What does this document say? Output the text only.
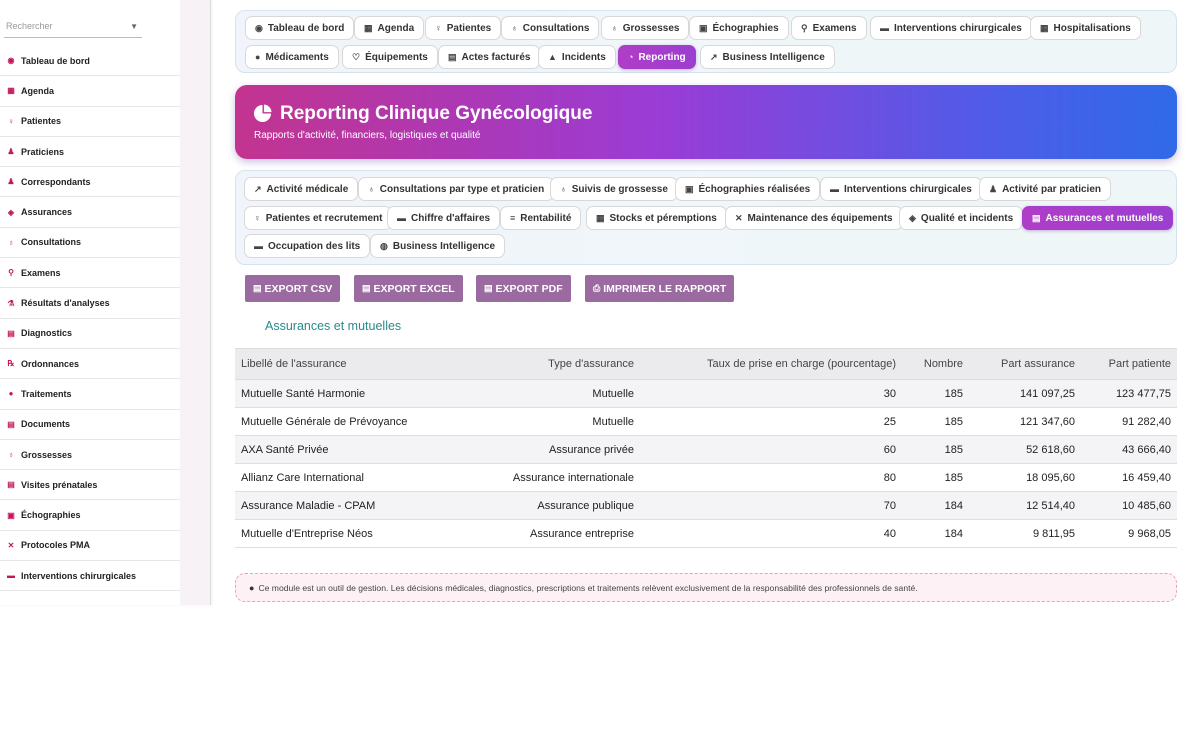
Rechercher
▼
◉ Tableau de bord
▦ Agenda
♀ Patientes
♟ Praticiens
♟ Correspondants
◈ Assurances
♁ Consultations
⚲ Examens
⚗ Résultats d'analyses
▤ Diagnostics
℞ Ordonnances
● Traitements
▤ Documents
♁ Grossesses
▤ Visites prénatales
▣ Échographies
✕ Protocoles PMA
▬ Interventions chirurgicales
◉ Tableau de bord ▦ Agenda ♀ Patientes ♁ Consultations ♁ Grossesses ▣ Échographies ⚲ Examens	▬ Interventions chirurgicales ▦ Hospitalisations
● Médicaments	♡ Équipements ▤ Actes facturés ▲ Incidents ◔ Reporting	↗ Business Intelligence
Reporting Clinique Gynécologique
Rapports d'activité, financiers, logistiques et qualité
↗ Activité médicale ♁ Consultations par type et praticien ♁ Suivis de grossesse ▣ Échographies réalisées ▬ Interventions chirurgicales ♟ Activité par praticien
♀ Patientes et recrutement ▬ Chiffre d'affaires ≡ Rentabilité	▦ Stocks et péremptions ✕ Maintenance des équipements ◈ Qualité et incidents ▤ Assurances et mutuelles
▬ Occupation des lits ◍ Business Intelligence
▤ EXPORT CSV	▤ EXPORT EXCEL	▤ EXPORT PDF	⎙ IMPRIMER LE RAPPORT
Assurances et mutuelles
Libellé de l'assurance	Type d'assurance	Taux de prise en charge (pourcentage)	Nombre	Part assurance	Part patiente
Mutuelle Santé Harmonie	Mutuelle	30	185	141 097,25	123 477,75
Mutuelle Générale de Prévoyance	Mutuelle	25	185	121 347,60	91 282,40
AXA Santé Privée	Assurance privée	60	185	52 618,60	43 666,40
Allianz Care International	Assurance internationale	80	185	18 095,60	16 459,40
Assurance Maladie - CPAM	Assurance publique	70	184	12 514,40	10 485,60
Mutuelle d'Entreprise Néos	Assurance entreprise	40	184	9 811,95	9 968,05
● Ce module est un outil de gestion. Les décisions médicales, diagnostics, prescriptions et traitements relèvent exclusivement de la responsabilité des professionnels de santé.
